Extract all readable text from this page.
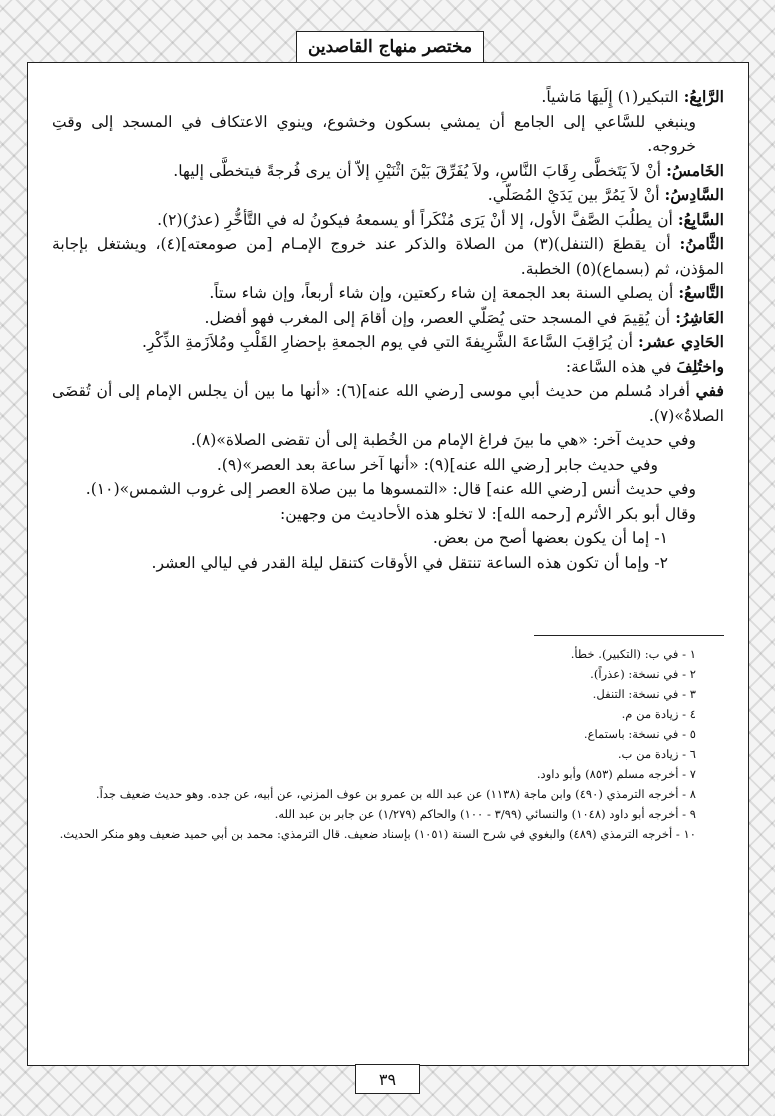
مختصر منهاج القاصدين

الرَّابِعُ: التبكير(١) إِلَيهَا مَاشياً.

وينبغي للسَّاعي إلى الجامع أن يمشي بسكون وخشوع، وينوي الاعتكاف في المسجد إلى وقتِ خروجه.

الخَامسُ: أنْ لاَ يَتَخطَّى رِقَابَ النَّاسِ، ولاَ يُفَرِّقَ بَيْنَ اثْنَيْنِ إلاّ أن يرى فُرجةً فيتخطَّى إليها.

السَّادِسُ: أنْ لاَ يَمُرَّ بين يَدَيْ المُصَلّي.

السَّابِعُ: أن يطلُبَ الصَّفَّ الأول، إلا أنْ يَرَى مُنْكَراً أو يسمعهُ فيكونُ له في التَّأخُّرِ (عذرٌ)(٢).

الثَّامنُ: أن يقطعَ (التنفل)(٣) من الصلاة والذكر عند خروج الإمـام [من صومعته](٤)، ويشتغل بإجابة المؤذن، ثم (بسماع)(٥) الخطبة.

التَّاسعُ: أن يصلي السنة بعد الجمعة إن شاء ركعتين، وإن شاء أربعاً، وإن شاء ستاً.

العَاشِرُ: أن يُقِيمَ في المسجد حتى يُصَلّي العصر، وإن أقامَ إلى المغرب فهو أفضل.

الحَادِي عشر: أن يُرَاقِبَ السَّاعةَ الشَّرِيفةَ التي في يوم الجمعةِ بإحضارِ القَلْبِ ومُلاَزَمةِ الذِّكْرِ.

واختُلِفَ في هذه السَّاعة:

ففي أفراد مُسلم من حديث أبي موسى [رضي الله عنه](٦): «أنها ما بين أن يجلس الإمام إلى أن تُقضَى الصلاةُ»(٧).

وفي حديث آخر: «هي ما بينَ فراغ الإمام من الخُطبة إلى أن تقضى الصلاة»(٨).

وفي حديث جابر [رضي الله عنه](٩): «أنها آخر ساعة بعد العصر»(٩).

وفي حديث أنس [رضي الله عنه] قال: «التمسوها ما بين صلاة العصر إلى غروب الشمس»(١٠).

وقال أبو بكر الأثرم [رحمه الله]: لا تخلو هذه الأحاديث من وجهين:

١- إما أن يكون بعضها أصح من بعض.

٢- وإما أن تكون هذه الساعة تنتقل في الأوقات كتنقل ليلة القدر في ليالي العشر.

١ - في ب: (التكبير). خطأ.

٢ - في نسخة: (عذراً).

٣ - في نسخة: التنفل.

٤ - زيادة من م.

٥ - في نسخة: باستماع.

٦ - زيادة من ب.

٧ - أخرجه مسلم (٨٥٣) وأبو داود.

٨ - أخرجه الترمذي (٤٩٠) وابن ماجة (١١٣٨) عن عبد الله بن عمرو بن عوف المزني، عن أبيه، عن جده. وهو حديث ضعيف جداً.

٩ - أخرجه أبو داود (١٠٤٨) والنسائي (٣/٩٩ - ١٠٠) والحاكم (١/٢٧٩) عن جابر بن عبد الله.

١٠ - أخرجه الترمذي (٤٨٩) والبغوي في شرح السنة (١٠٥١) بإسناد ضعيف. قال الترمذي: محمد بن أبي حميد ضعيف وهو منكر الحديث.

٣٩
